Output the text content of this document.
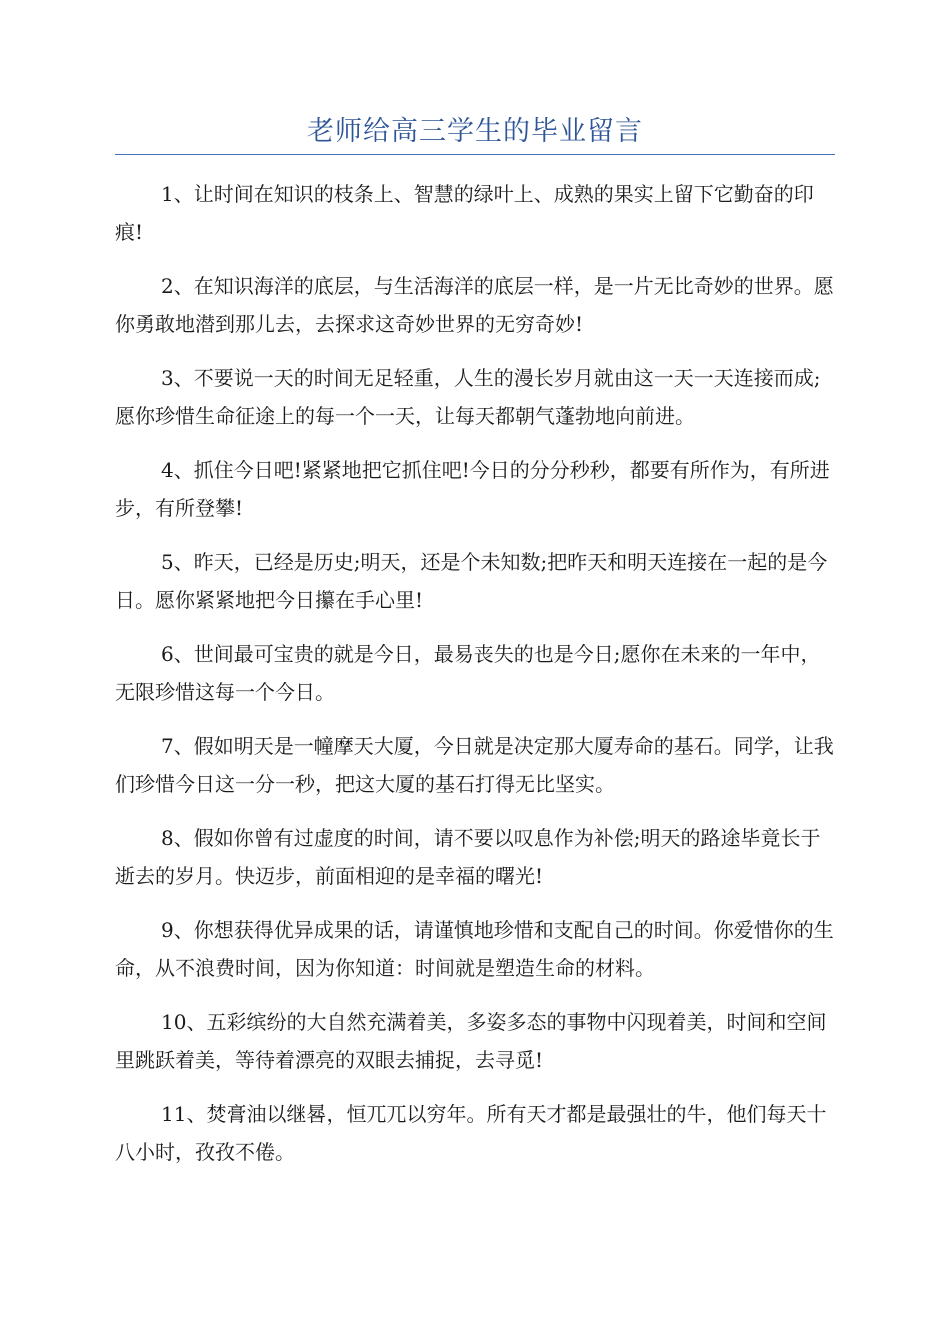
老师给高三学生的毕业留言

1、让时间在知识的枝条上、智慧的绿叶上、成熟的果实上留下它勤奋的印痕!

2、在知识海洋的底层，与生活海洋的底层一样，是一片无比奇妙的世界。愿你勇敢地潜到那儿去，去探求这奇妙世界的无穷奇妙!

3、不要说一天的时间无足轻重，人生的漫长岁月就由这一天一天连接而成;愿你珍惜生命征途上的每一个一天，让每天都朝气蓬勃地向前进。

4、抓住今日吧!紧紧地把它抓住吧!今日的分分秒秒，都要有所作为，有所进步，有所登攀!

5、昨天，已经是历史;明天，还是个未知数;把昨天和明天连接在一起的是今日。愿你紧紧地把今日攥在手心里!

6、世间最可宝贵的就是今日，最易丧失的也是今日;愿你在未来的一年中，无限珍惜这每一个今日。

7、假如明天是一幢摩天大厦，今日就是决定那大厦寿命的基石。同学，让我们珍惜今日这一分一秒，把这大厦的基石打得无比坚实。

8、假如你曾有过虚度的时间，请不要以叹息作为补偿;明天的路途毕竟长于逝去的岁月。快迈步，前面相迎的是幸福的曙光!

9、你想获得优异成果的话，请谨慎地珍惜和支配自己的时间。你爱惜你的生命，从不浪费时间，因为你知道：时间就是塑造生命的材料。

10、五彩缤纷的大自然充满着美，多姿多态的事物中闪现着美，时间和空间里跳跃着美，等待着漂亮的双眼去捕捉，去寻觅!

11、焚膏油以继晷，恒兀兀以穷年。所有天才都是最强壮的牛，他们每天十八小时，孜孜不倦。
